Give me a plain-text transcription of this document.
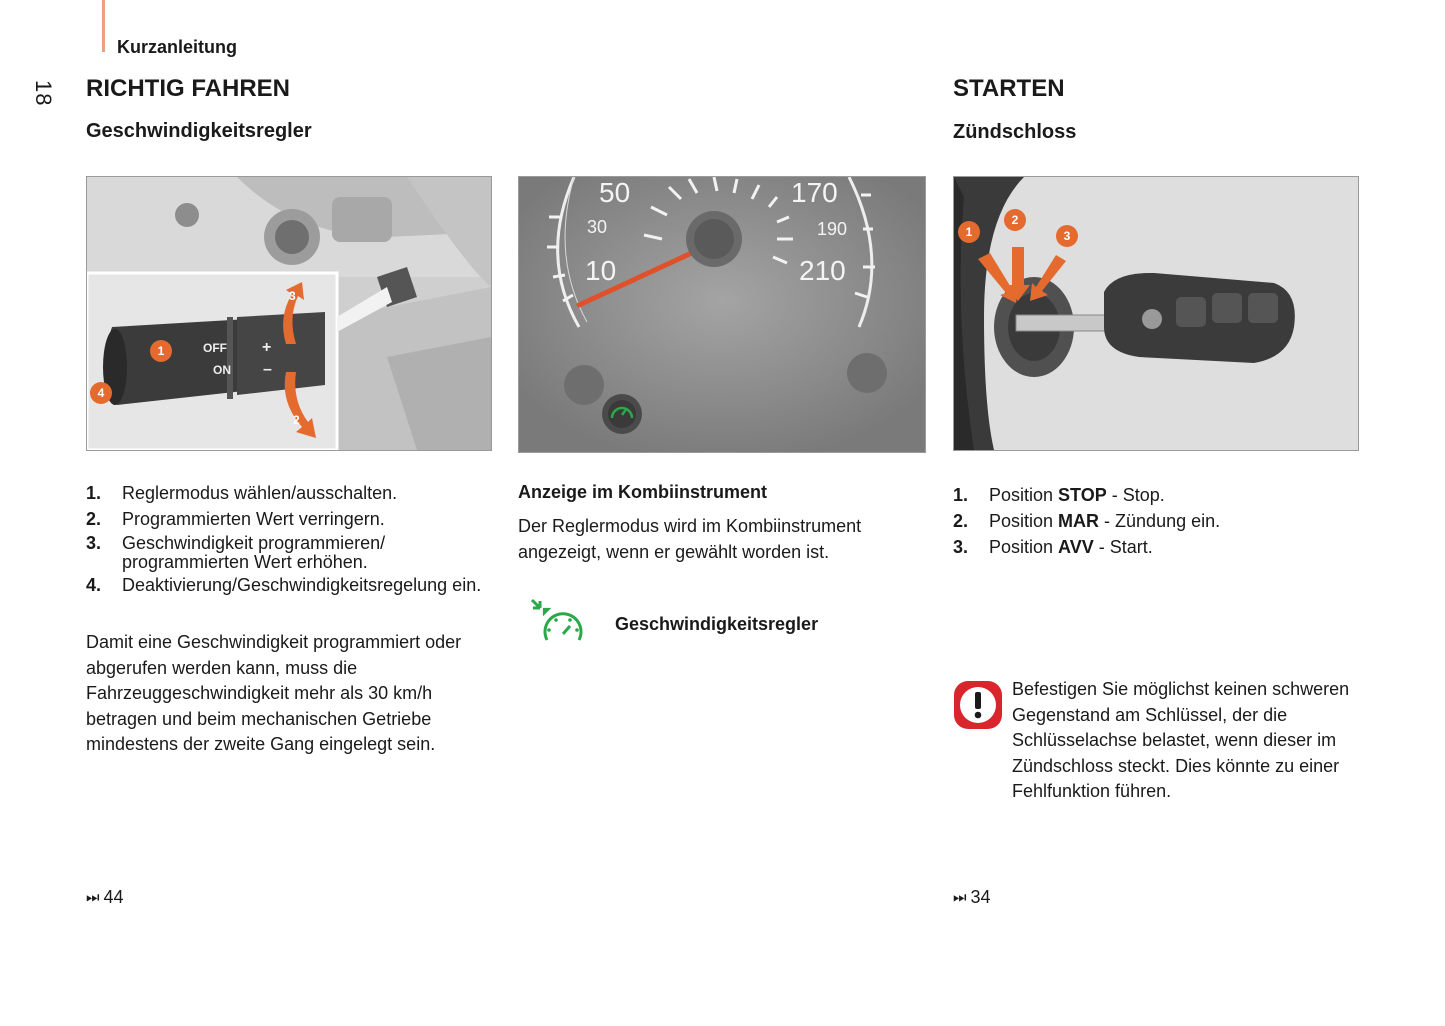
Kurzanleitung
18 RICHTIG FAHREN
Geschwindigkeitsregler
OFF
ON
+
–
1
2
3
4
1.	Reglermodus wählen/ausschalten.
2.	Programmierten Wert verringern.
3.	Geschwindigkeit programmieren/ programmierten Wert erhöhen.
4.	Deaktivierung/Geschwindigkeitsregelung ein.
Damit eine Geschwindigkeit programmiert oder abgerufen werden kann, muss die Fahrzeuggeschwindigkeit mehr als 30 km/h betragen und beim mechanischen Getriebe mindestens der zweite Gang eingelegt sein.
⏭ 44
50
30
10
170
190
210
Anzeige im Kombiinstrument
Der Reglermodus wird im Kombiinstrument angezeigt, wenn er gewählt worden ist.
Geschwindigkeitsregler
STARTEN
Zündschloss
1
2
3
1.	Position STOP - Stop.
2.	Position MAR - Zündung ein.
3.	Position AVV - Start.
Befestigen Sie möglichst keinen schweren Gegenstand am Schlüssel, der die Schlüsselachse belastet, wenn dieser im Zündschloss steckt. Dies könnte zu einer Fehlfunktion führen.
⏭ 34
